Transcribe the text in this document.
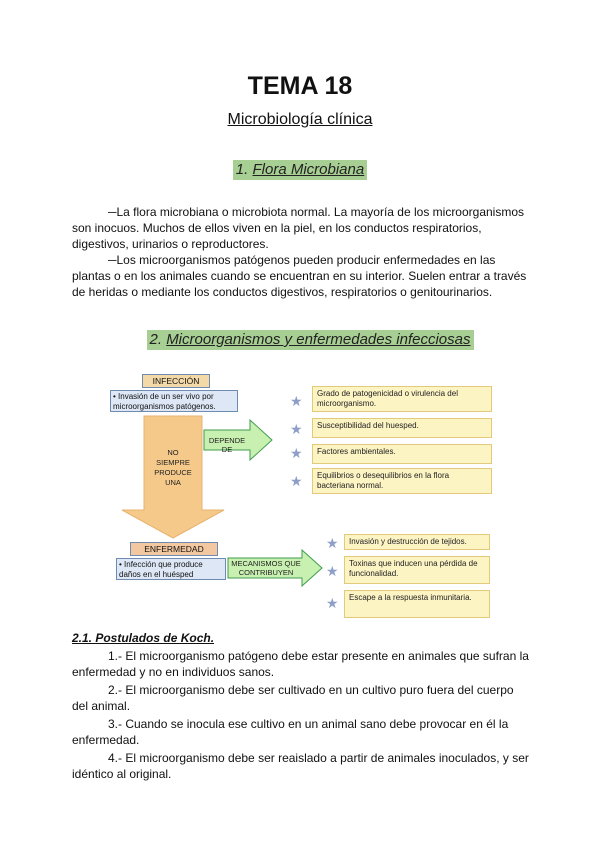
TEMA 18
Microbiología clínica
1. Flora Microbiana
─La flora microbiana o microbiota normal. La mayoría de los microorganismos son inocuos. Muchos de ellos viven en la piel, en los conductos respiratorios, digestivos, urinarios o reproductores.
─Los microorganismos patógenos pueden producir enfermedades en las plantas o en los animales cuando se encuentran en su interior. Suelen entrar a través de heridas o mediante los conductos digestivos, respiratorios o genitourinarios.
2. Microorganismos y enfermedades infecciosas
INFECCIÓN
• Invasión de un ser vivo por microorganismos patógenos.
NO SIEMPRE PRODUCE UNA
DEPENDE DE
★	Grado de patogenicidad o virulencia del microorganismo.
★	Susceptibilidad del huesped.
★	Factores ambientales.
★	Equilibrios o desequilibrios en la flora bacteriana normal.
ENFERMEDAD
• Infección que produce daños en el huésped
MECANISMOS QUE CONTRIBUYEN
★	Invasión y destrucción de tejidos.
★	Toxinas que inducen una pérdida de funcionalidad.
★	Escape a la respuesta inmunitaria.
2.1. Postulados de Koch.

1.- El microorganismo patógeno debe estar presente en animales que sufran la enfermedad y no en individuos sanos.

2.- El microorganismo debe ser cultivado en un cultivo puro fuera del cuerpo del animal.

3.- Cuando se inocula ese cultivo en un animal sano debe provocar en él la enfermedad.

4.- El microorganismo debe ser reaislado a partir de animales inoculados, y ser idéntico al original.
